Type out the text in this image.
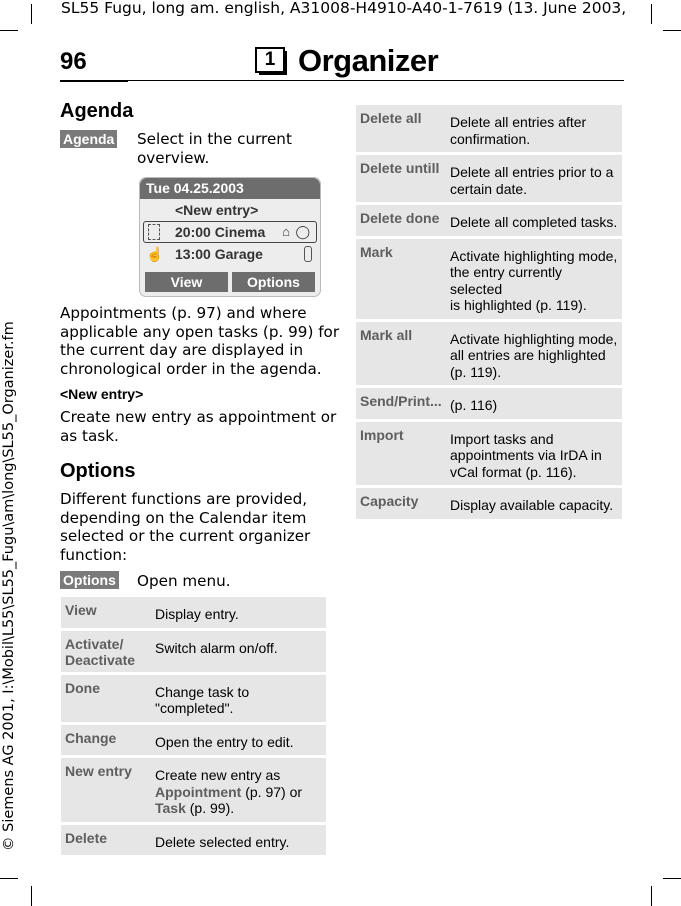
SL55 Fugu, long am. english, A31008-H4910-A40-1-7619 (13. June 2003,
© Siemens AG 2001, I:\Mobil\L55\SL55_Fugu\am\long\SL55_Organizer.fm
96	1 Organizer
Agenda
Agenda Select in the current
overview.
Tue 04.25.2003
<New entry>
20:00 Cinema ⌂ ◯
☝ 13:00 Garage
View	Options
Appointments (p. 97) and where
applicable any open tasks (p. 99) for
the current day are displayed in
chronological order in the agenda.
<New entry>
Create new entry as appointment or
as task.
Options
Different functions are provided,
depending on the Calendar item
selected or the current organizer
function:
Options Open menu.
View	Display entry.

Activate/
Deactivate	Switch alarm on/off.
Done	Change task to
"completed".

Change	Open the entry to edit.
New entry	Create new entry as
Appointment (p. 97) or
Task (p. 99).

Delete	Delete selected entry.
Delete all	Delete all entries after
confirmation.

Delete untill	Delete all entries prior to a
certain date.

Delete done	Delete all completed tasks.
Mark	Activate highlighting mode,
the entry currently selected
is highlighted (p. 119).

Mark all	Activate highlighting mode,
all entries are highlighted
(p. 119).

Send/Print...	(p. 116)
Import	Import tasks and
appointments via IrDA in
vCal format (p. 116).

Capacity	Display available capacity.
